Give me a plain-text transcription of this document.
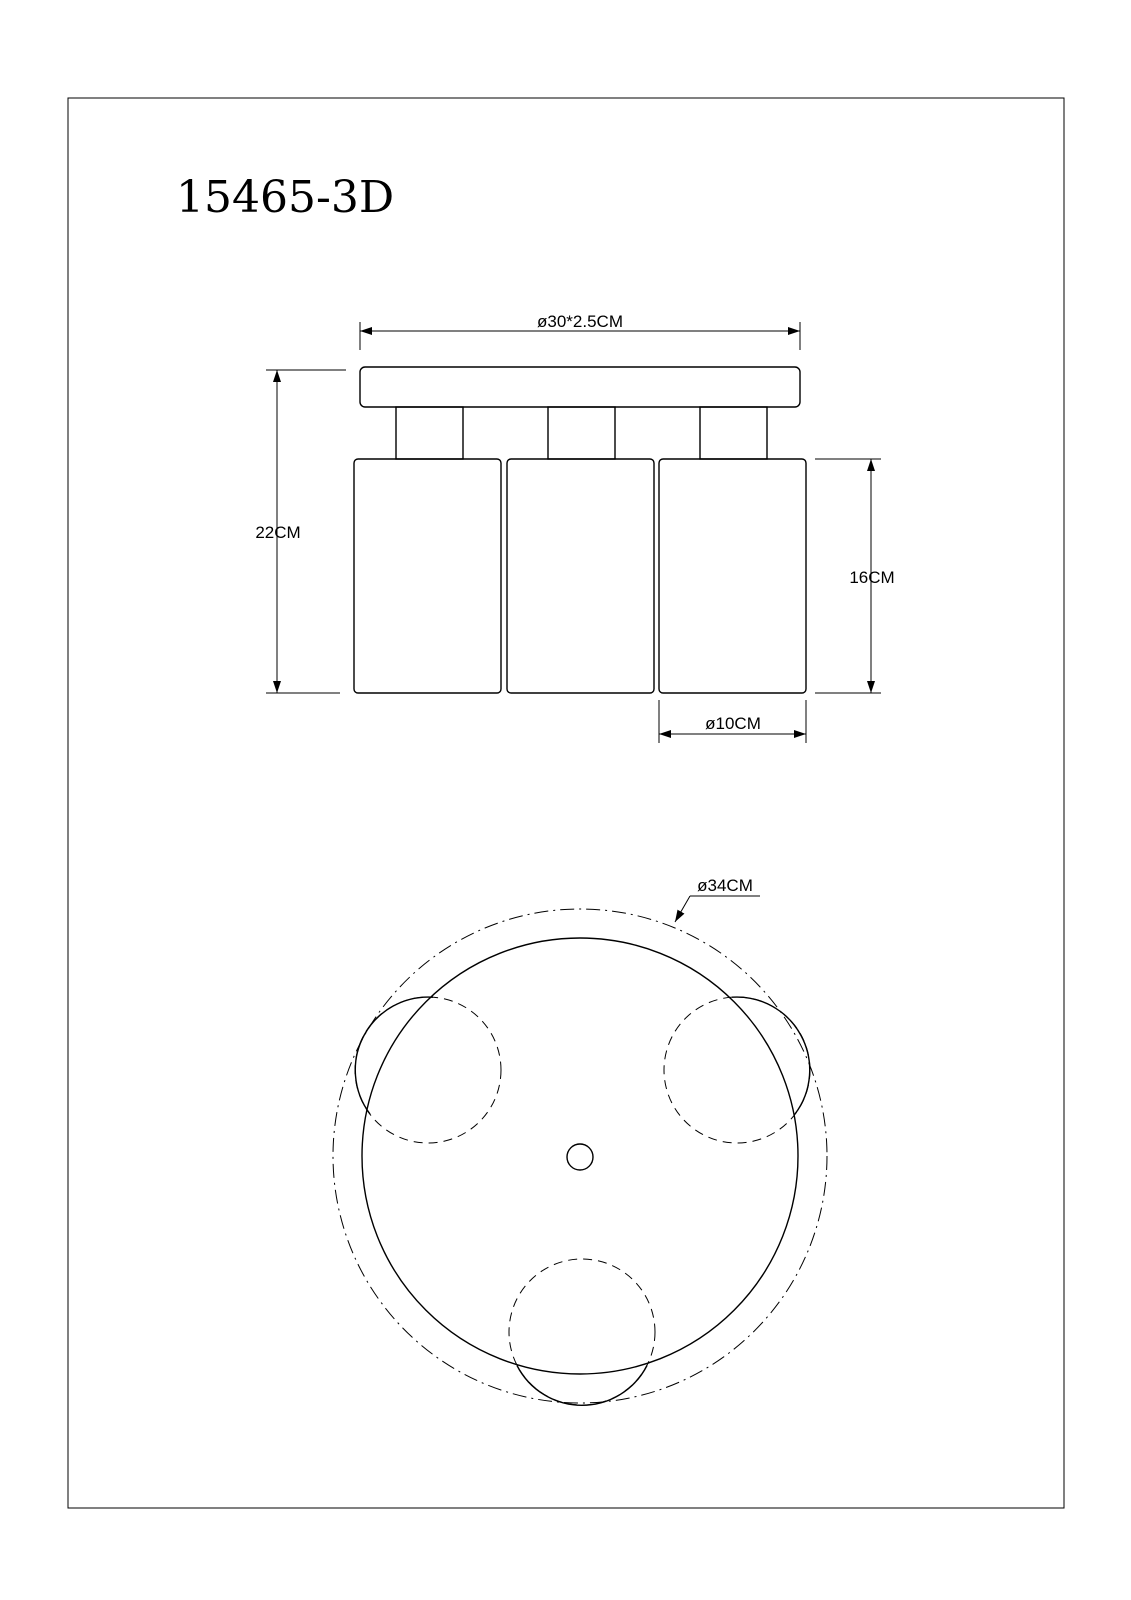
15465-3D
ø30*2.5CM
22CM
16CM
ø10CM
ø34CM
